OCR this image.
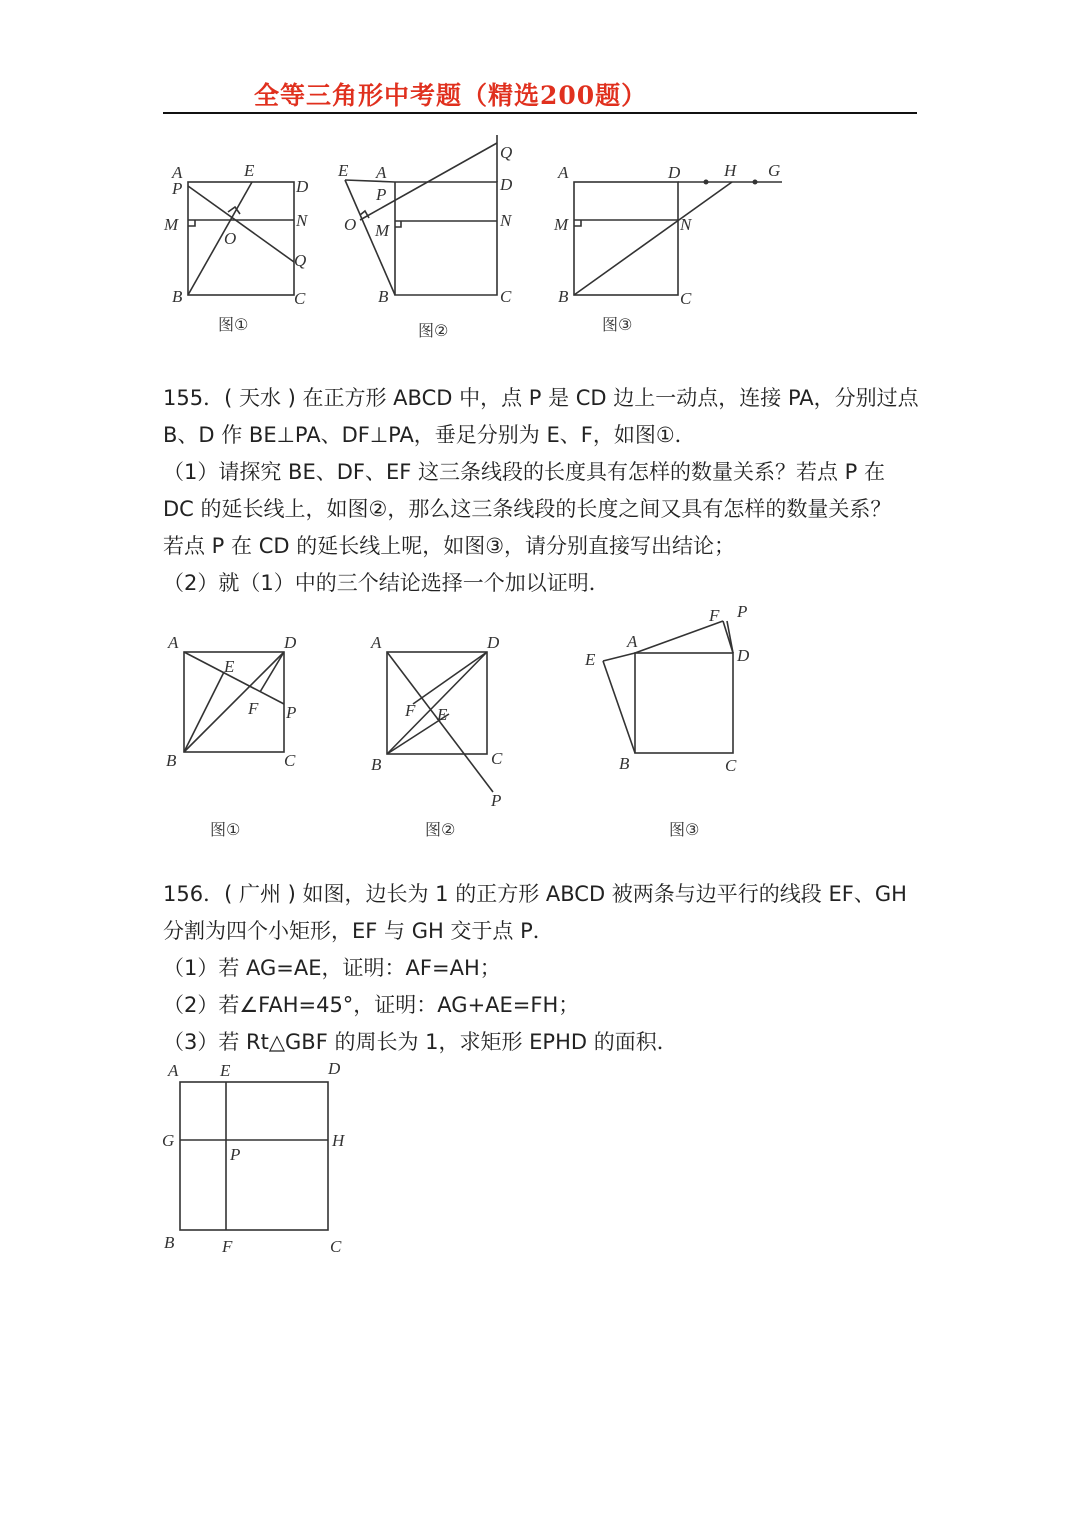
全等三角形中考题（精选200题）
A
P
E
D
M	N
O
Q
B	C
图①
E A
Q
D
P
O M
N
B	C
图②
A	D	H G
M	N
B	C
图③
155．( 天水 ) 在正方形 ABCD 中，点 P 是 CD 边上一动点，连接 PA，分别过点
B、D 作 BE⊥PA、DF⊥PA，垂足分别为 E、F，如图①．
（1）请探究 BE、DF、EF 这三条线段的长度具有怎样的数量关系？若点 P 在
DC 的延长线上，如图②，那么这三条线段的长度之间又具有怎样的数量关系？
若点 P 在 CD 的延长线上呢，如图③，请分别直接写出结论；
（2）就（1）中的三个结论选择一个加以证明．
A	D
E
F P
B	C
图①
A	D
F E
B	C
P
图②
F P
A
E	D
B	C
图③
156．( 广州 ) 如图，边长为 1 的正方形 ABCD 被两条与边平行的线段 EF、GH
分割为四个小矩形，EF 与 GH 交于点 P．
（1）若 AG=AE，证明：AF=AH；
（2）若∠FAH=45°，证明：AG+AE=FH；
（3）若 Rt△GBF 的周长为 1，求矩形 EPHD 的面积．
A E	D
G	H
P
B	F	C
